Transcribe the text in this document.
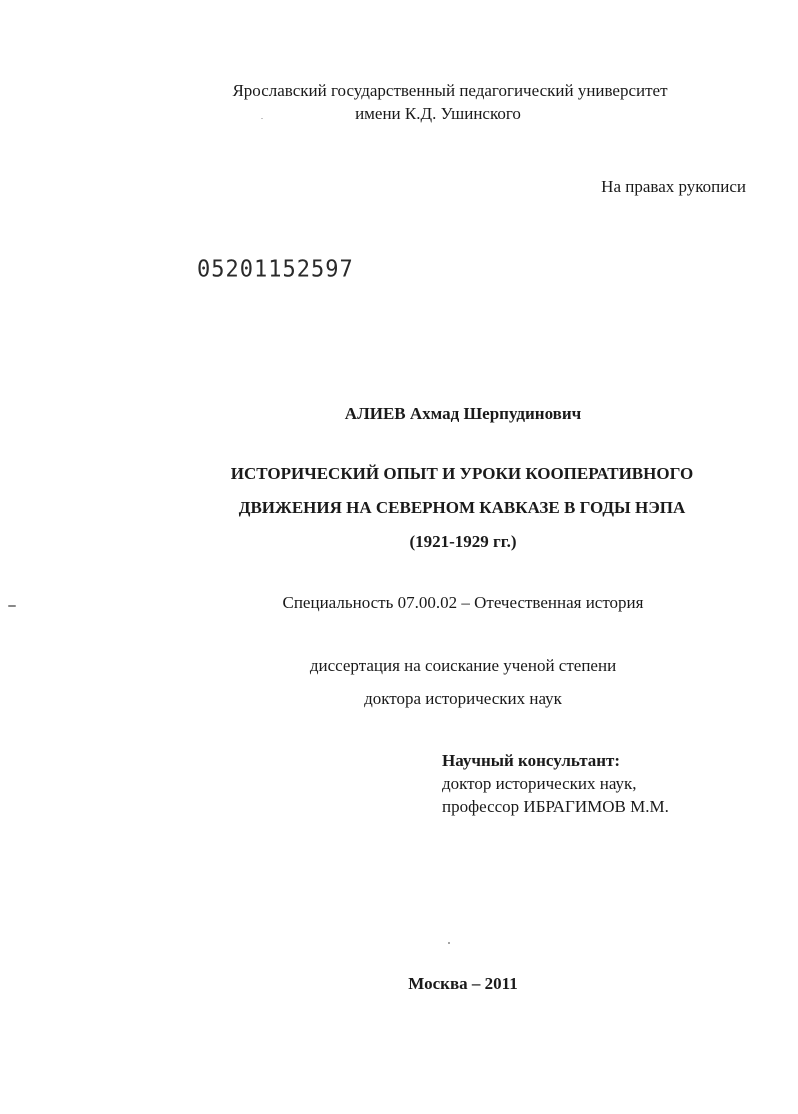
Ярославский государственный педагогический университет
имени К.Д. Ушинского
На правах рукописи
05201152597
АЛИЕВ Ахмад Шерпудинович
ИСТОРИЧЕСКИЙ ОПЫТ И УРОКИ КООПЕРАТИВНОГО
ДВИЖЕНИЯ НА СЕВЕРНОМ КАВКАЗЕ В ГОДЫ НЭПА
(1921-1929 гг.)
Специальность 07.00.02 – Отечественная история
диссертация на соискание ученой степени
доктора исторических наук
Научный консультант:
доктор исторических наук,
профессор ИБРАГИМОВ М.М.
Москва – 2011
